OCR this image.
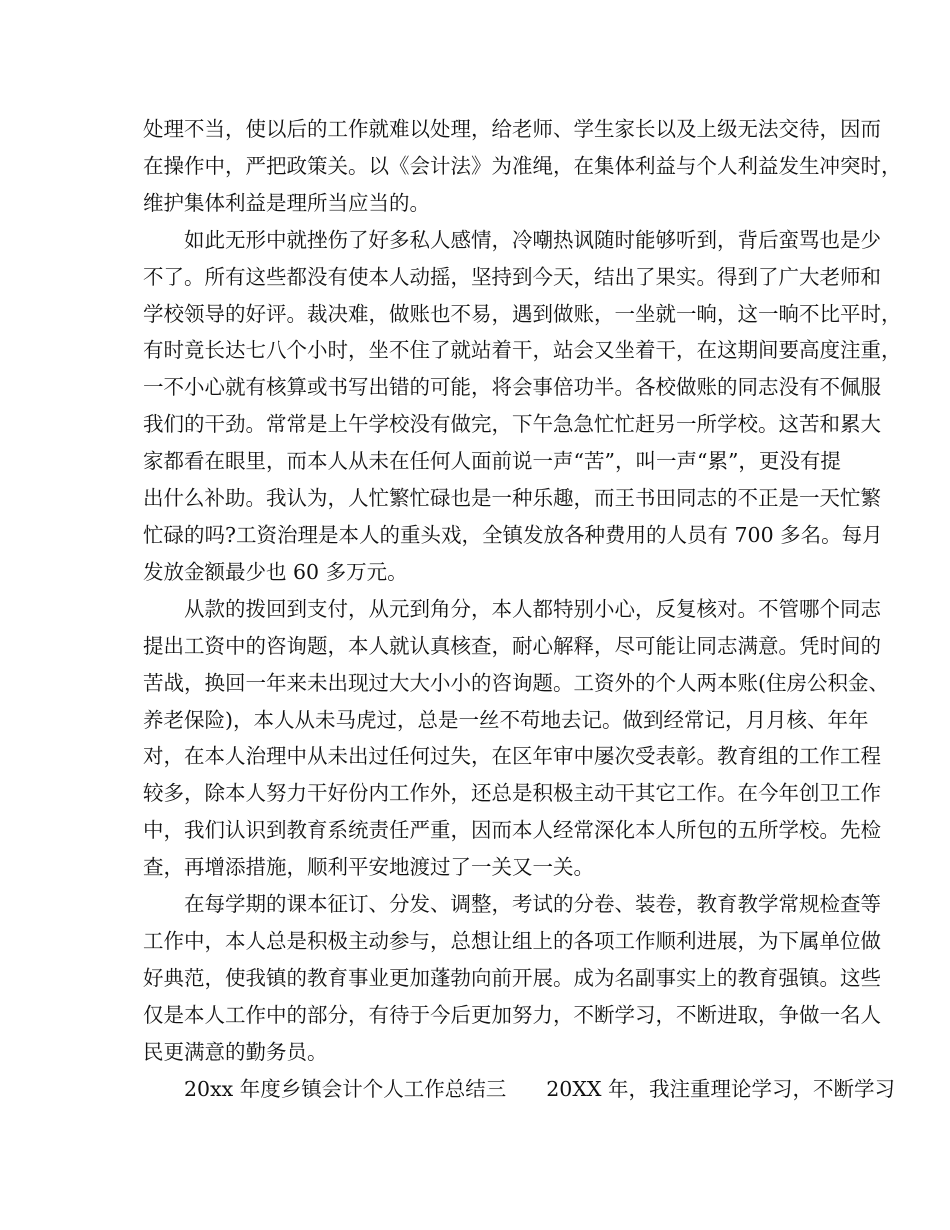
处理不当，使以后的工作就难以处理，给老师、学生家长以及上级无法交待，因而
在操作中，严把政策关。以《会计法》为准绳，在集体利益与个人利益发生冲突时，
维护集体利益是理所当应当的。

如此无形中就挫伤了好多私人感情，冷嘲热讽随时能够听到，背后蛮骂也是少
不了。所有这些都没有使本人动摇，坚持到今天，结出了果实。得到了广大老师和
学校领导的好评。裁决难，做账也不易，遇到做账，一坐就一晌，这一晌不比平时，
有时竟长达七八个小时，坐不住了就站着干，站会又坐着干，在这期间要高度注重，
一不小心就有核算或书写出错的可能，将会事倍功半。各校做账的同志没有不佩服
我们的干劲。常常是上午学校没有做完，下午急急忙忙赶另一所学校。这苦和累大
家都看在眼里，而本人从未在任何人面前说一声“苦”，叫一声“累”，更没有提
出什么补助。我认为，人忙繁忙碌也是一种乐趣，而王书田同志的不正是一天忙繁
忙碌的吗?工资治理是本人的重头戏，全镇发放各种费用的人员有 700 多名。每月
发放金额最少也 60 多万元。

从款的拨回到支付，从元到角分，本人都特别小心，反复核对。不管哪个同志
提出工资中的咨询题，本人就认真核查，耐心解释，尽可能让同志满意。凭时间的
苦战，换回一年来未出现过大大小小的咨询题。工资外的个人两本账(住房公积金、
养老保险)，本人从未马虎过，总是一丝不苟地去记。做到经常记，月月核、年年
对，在本人治理中从未出过任何过失，在区年审中屡次受表彰。教育组的工作工程
较多，除本人努力干好份内工作外，还总是积极主动干其它工作。在今年创卫工作
中，我们认识到教育系统责任严重，因而本人经常深化本人所包的五所学校。先检
查，再增添措施，顺利平安地渡过了一关又一关。

在每学期的课本征订、分发、调整，考试的分卷、装卷，教育教学常规检查等
工作中，本人总是积极主动参与，总想让组上的各项工作顺利进展，为下属单位做
好典范，使我镇的教育事业更加蓬勃向前开展。成为名副事实上的教育强镇。这些
仅是本人工作中的部分，有待于今后更加努力，不断学习，不断进取，争做一名人
民更满意的勤务员。

20xx 年度乡镇会计个人工作总结三 20XX 年，我注重理论学习，不断学习
